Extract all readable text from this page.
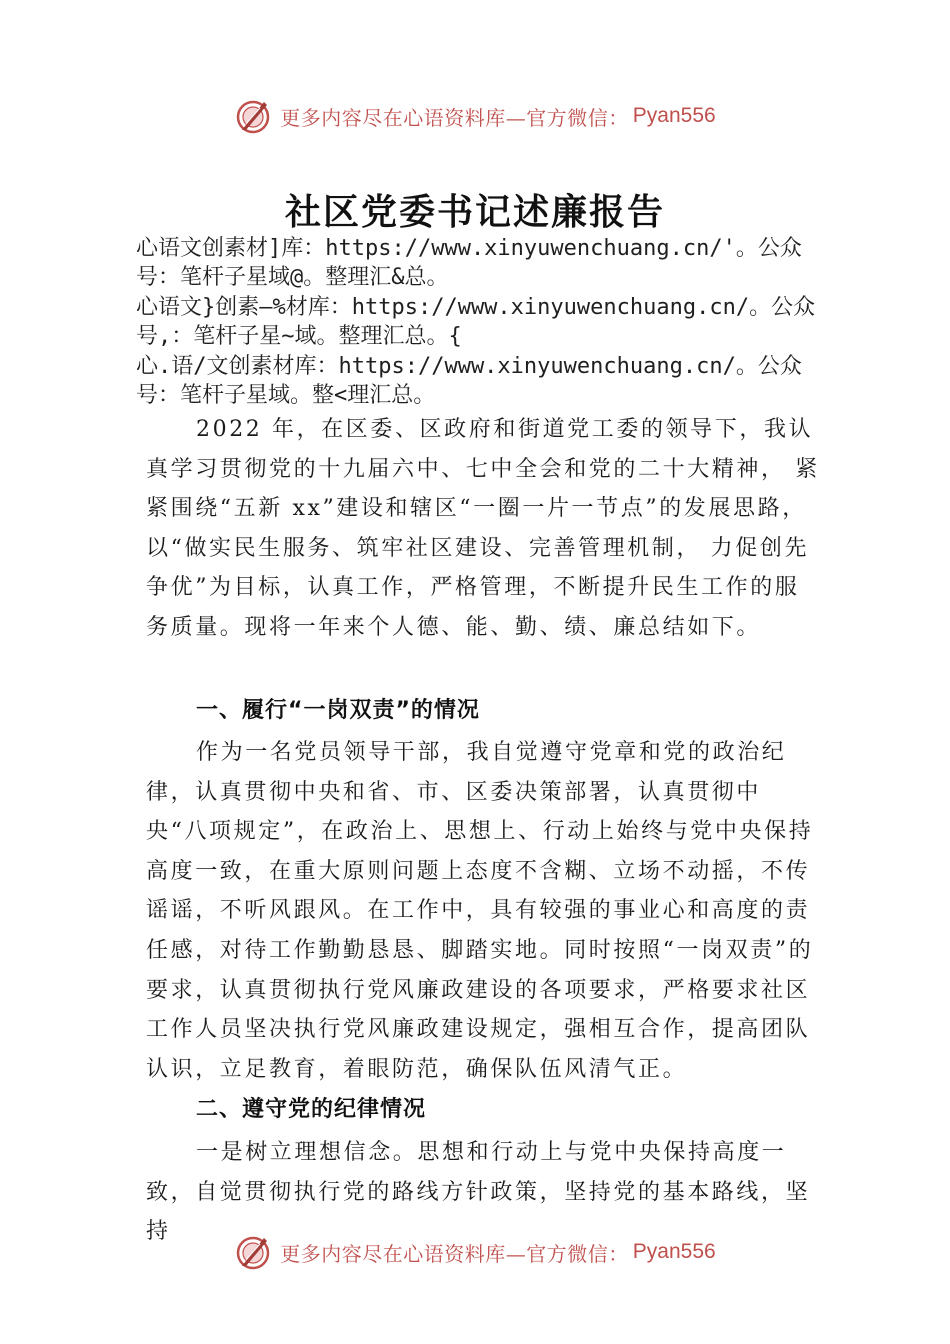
更多内容尽在心语资料库—官方微信： Pyan556
社区党委书记述廉报告

心语文创素材]库：https://www.xinyuwenchuang.cn/'。公众号：笔杆子星域@。整理汇&总。

心语文}创素—%材库：https://www.xinyuwenchuang.cn/。公众号,：笔杆子星~域。整理汇总。{

心.语/文创素材库：https://www.xinyuwenchuang.cn/。公众号：笔杆子星域。整<理汇总。

2022 年，在区委、区政府和街道党工委的领导下，我认真学习贯彻党的十九届六中、七中全会和党的二十大精神， 紧紧围绕“五新 xx”建设和辖区“一圈一片一节点”的发展思路，以“做实民生服务、筑牢社区建设、完善管理机制， 力促创先争优”为目标，认真工作，严格管理，不断提升民生工作的服务质量。现将一年来个人德、能、勤、绩、廉总结如下。

一、履行“一岗双责”的情况

作为一名党员领导干部，我自觉遵守党章和党的政治纪律，认真贯彻中央和省、市、区委决策部署，认真贯彻中央“八项规定”，在政治上、思想上、行动上始终与党中央保持 高度一致，在重大原则问题上态度不含糊、立场不动摇，不传谣谣，不听风跟风。在工作中，具有较强的事业心和高度的责任感，对待工作勤勤恳恳、脚踏实地。同时按照“一岗双责”的要求，认真贯彻执行党风廉政建设的各项要求，严格要求社区工作人员坚决执行党风廉政建设规定，强相互合作，提高团队认识，立足教育，着眼防范，确保队伍风清气正。

二、遵守党的纪律情况

一是树立理想信念。思想和行动上与党中央保持高度一致，自觉贯彻执行党的路线方针政策，坚持党的基本路线，坚持

更多内容尽在心语资料库—官方微信： Pyan556
